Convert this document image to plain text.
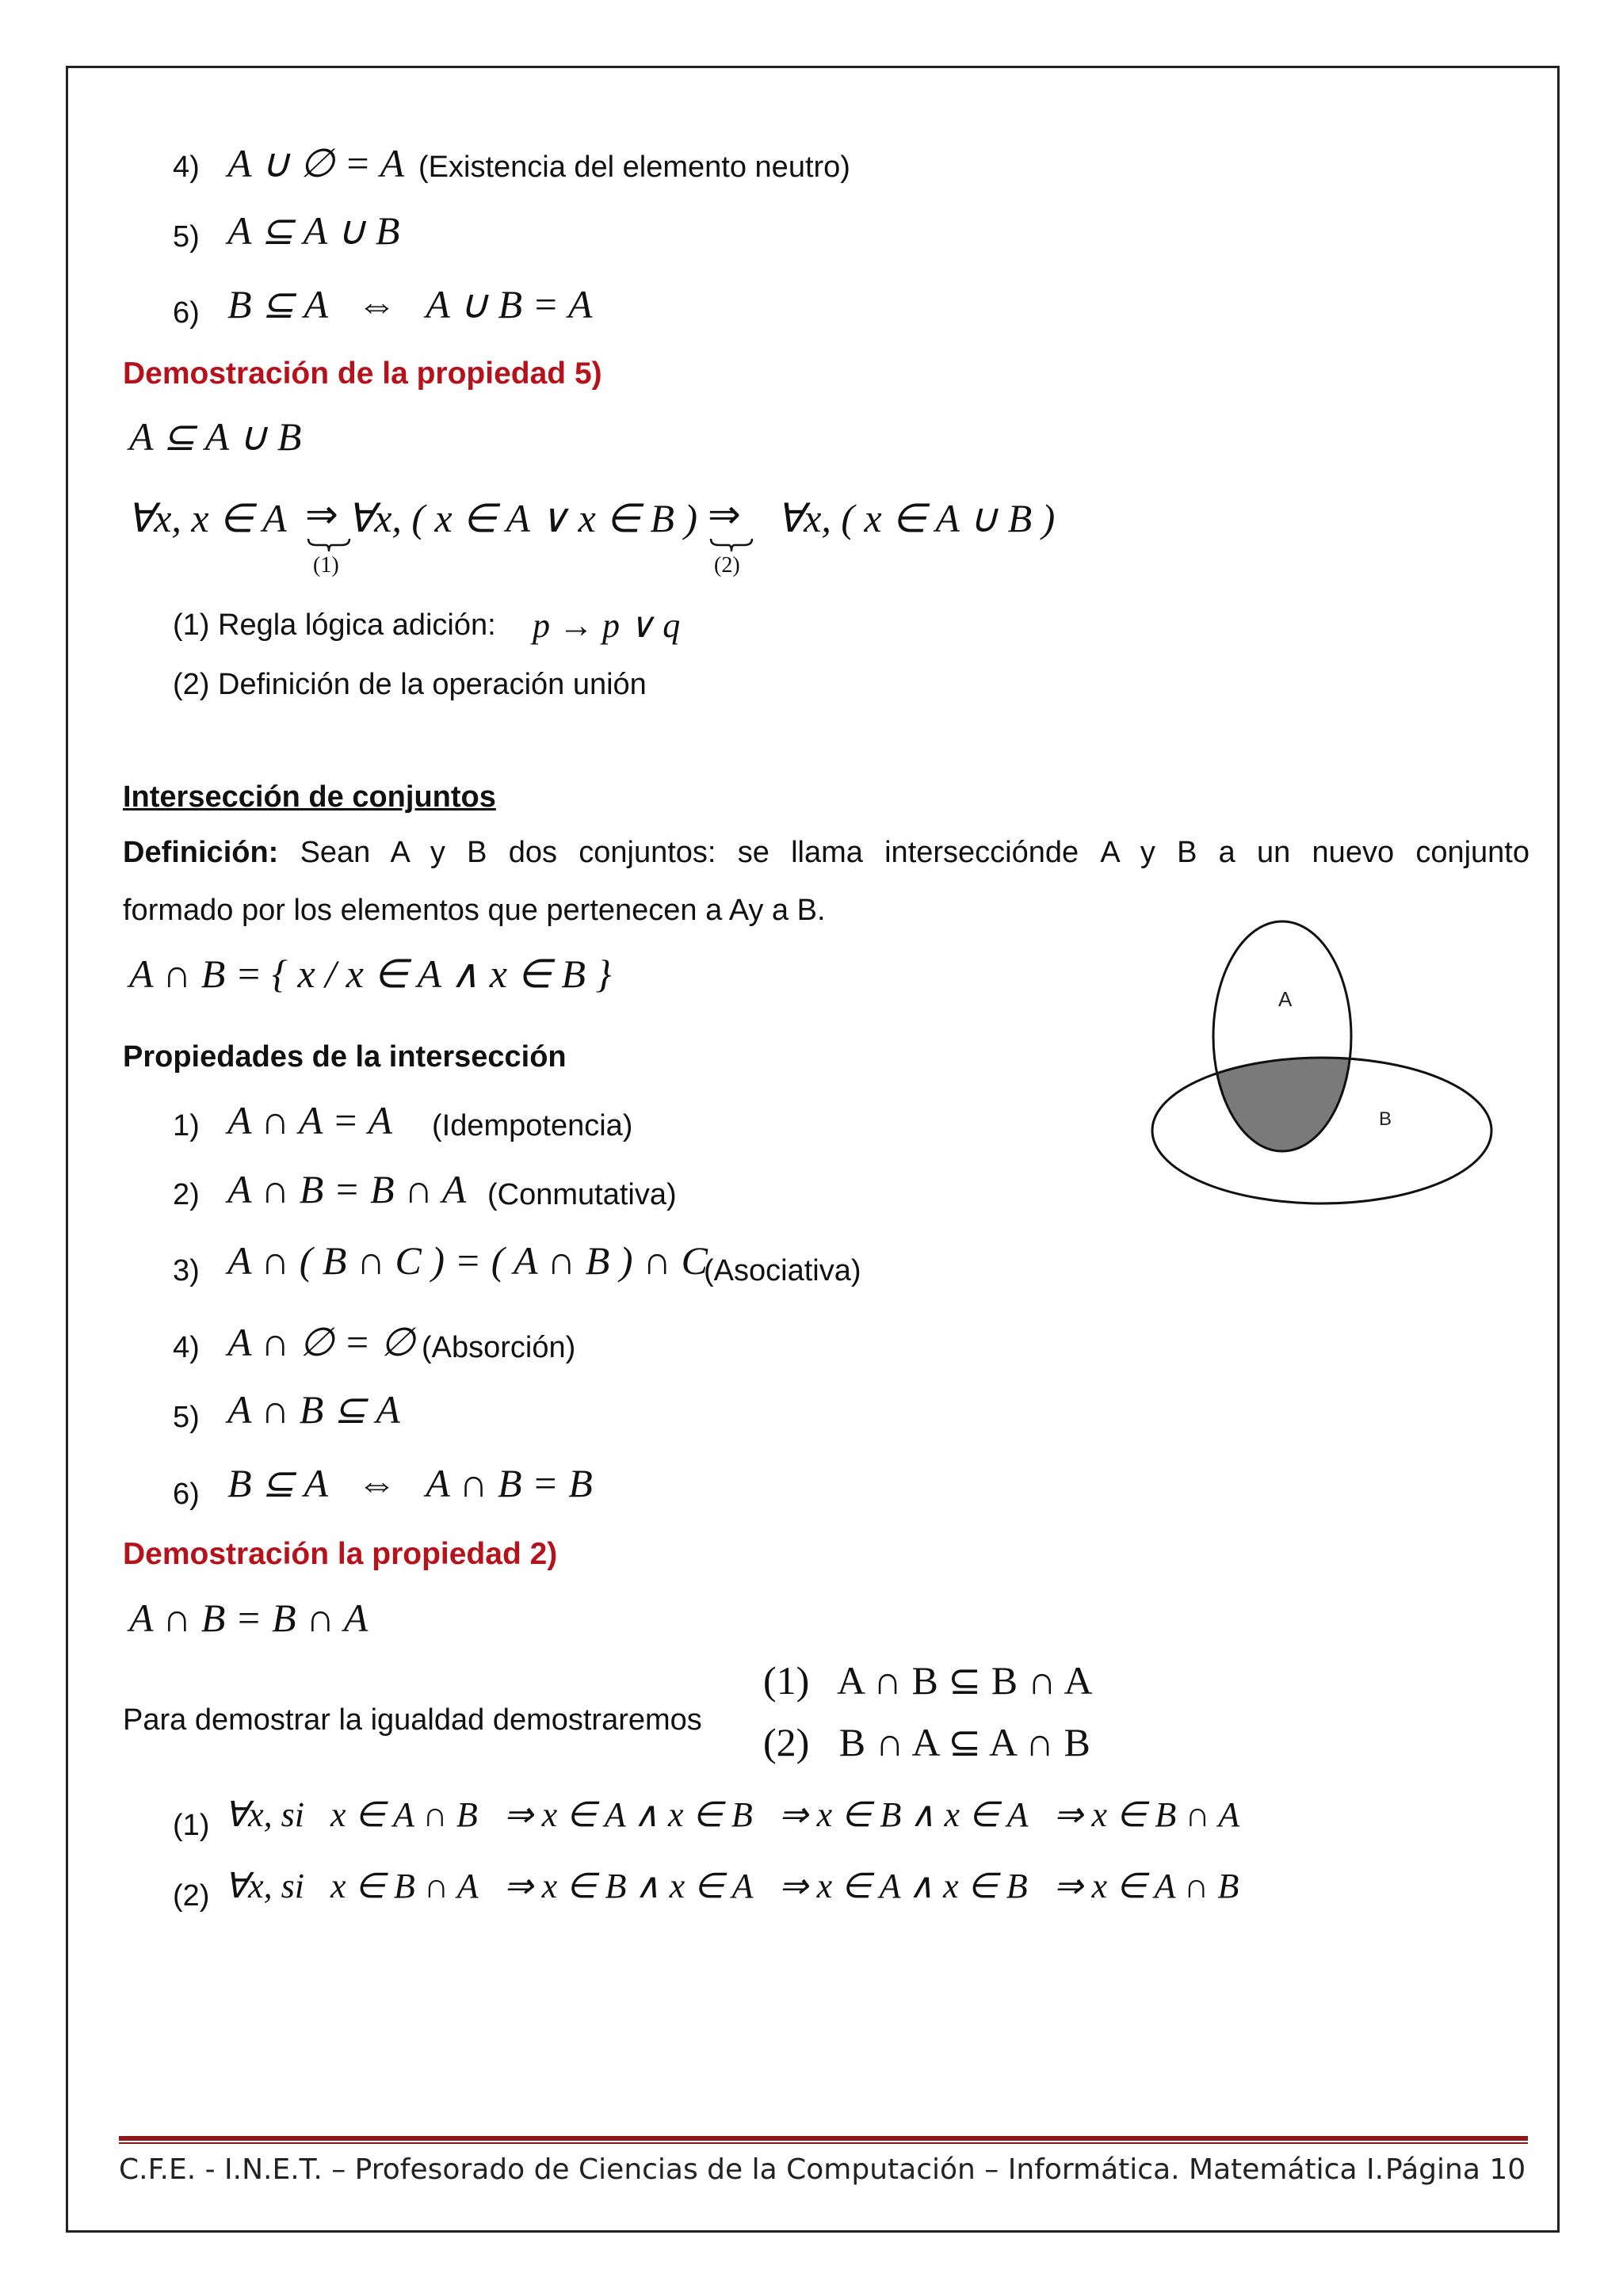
4) A ∪ ∅ = A (Existencia del elemento neutro)
5) A ⊆ A ∪ B
6) B ⊆ A   ⇔   A ∪ B = A
Demostración de la propiedad 5)
A ⊆ A ∪ B
∀x, x ∈ A ⇒ ∀x, ( x ∈ A ∨ x ∈ B ) ⇒ ∀x, ( x ∈ A ∪ B )
(1)	(2)
(1) Regla lógica adición: p → p ∨ q
(2) Definición de la operación unión
Intersección de conjuntos
Definición: Sean A y B dos conjuntos: se llama interseccióndе A y B a un nuevo conjunto
formado por los elementos que pertenecen a Ay a B.
A ∩ B = { x / x ∈ A ∧ x ∈ B }
A
B
Propiedades de la intersección
1) A ∩ A = A (Idempotencia)
2) A ∩ B = B ∩ A (Conmutativa)
3) A ∩ ( B ∩ C ) = ( A ∩ B ) ∩ C
(Asociativa)
4) A ∩ ∅ = ∅ (Absorción)
5) A ∩ B ⊆ A
6) B ⊆ A   ⇔   A ∩ B = B
Demostración la propiedad 2)
A ∩ B = B ∩ A
Para demostrar la igualdad demostraremos
(1)   A ∩ B ⊆ B ∩ A
(2)   B ∩ A ⊆ A ∩ B
(1) ∀x, si   x ∈ A ∩ B   ⇒ x ∈ A ∧ x ∈ B   ⇒ x ∈ B ∧ x ∈ A   ⇒ x ∈ B ∩ A
(2) ∀x, si   x ∈ B ∩ A   ⇒ x ∈ B ∧ x ∈ A   ⇒ x ∈ A ∧ x ∈ B   ⇒ x ∈ A ∩ B
C.F.E. - I.N.E.T. – Profesorado de Ciencias de la Computación – Informática. Matemática I. Página 10
